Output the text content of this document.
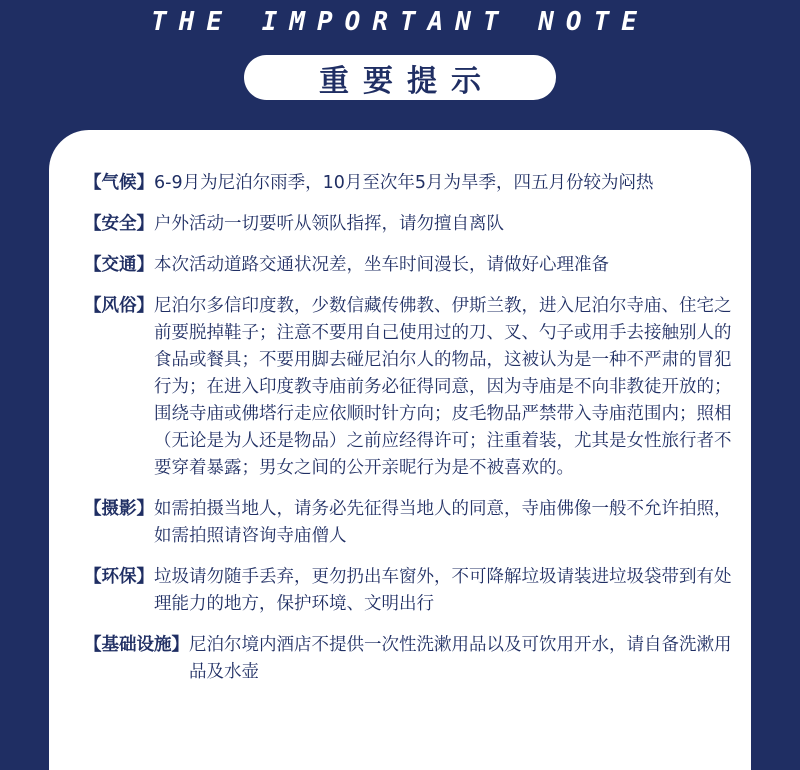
THE IMPORTANT NOTE
重要提示
【气候】 6-9月为尼泊尔雨季，10月至次年5月为旱季，四五月份较为闷热
【安全】 户外活动一切要听从领队指挥，请勿擅自离队
【交通】 本次活动道路交通状况差，坐车时间漫长，请做好心理准备
【风俗】 尼泊尔多信印度教，少数信藏传佛教、伊斯兰教，进入尼泊尔寺庙、住宅之前要脱掉鞋子；注意不要用自己使用过的刀、叉、勺子或用手去接触别人的食品或餐具；不要用脚去碰尼泊尔人的物品，这被认为是一种不严肃的冒犯行为；在进入印度教寺庙前务必征得同意，因为寺庙是不向非教徒开放的；围绕寺庙或佛塔行走应依顺时针方向；皮毛物品严禁带入寺庙范围内；照相（无论是为人还是物品）之前应经得许可；注重着装，尤其是女性旅行者不要穿着暴露；男女之间的公开亲昵行为是不被喜欢的。
【摄影】 如需拍摄当地人，请务必先征得当地人的同意，寺庙佛像一般不允许拍照，如需拍照请咨询寺庙僧人
【环保】 垃圾请勿随手丢弃，更勿扔出车窗外，不可降解垃圾请装进垃圾袋带到有处理能力的地方，保护环境、文明出行
【基础设施】 尼泊尔境内酒店不提供一次性洗漱用品以及可饮用开水，请自备洗漱用品及水壶
